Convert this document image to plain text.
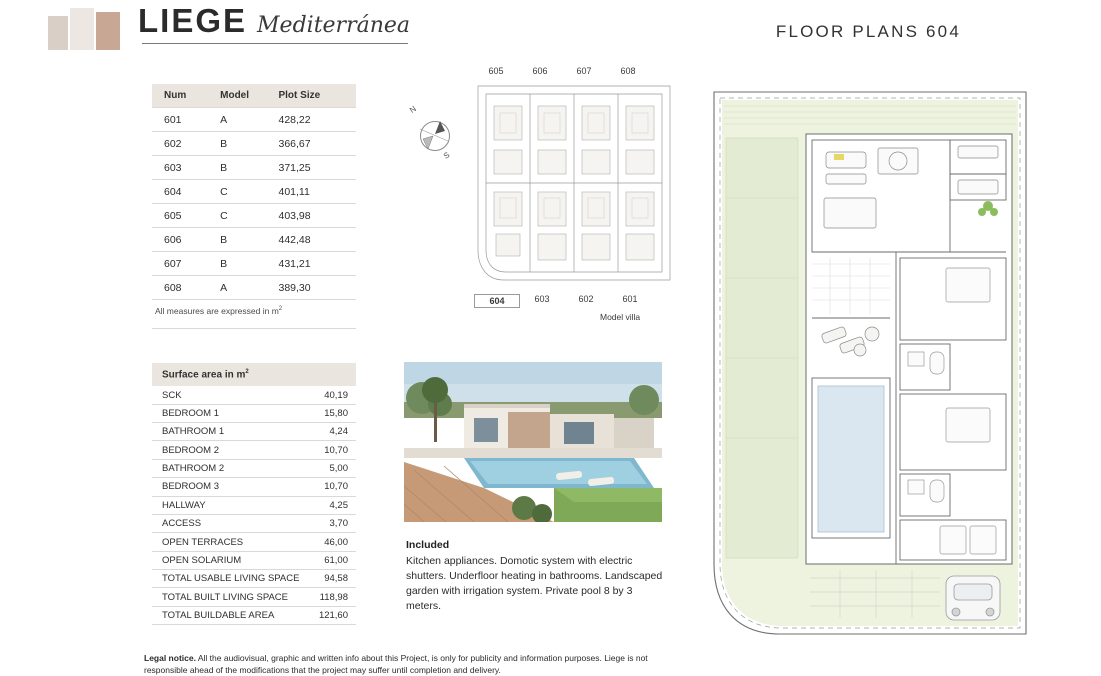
LIEGE Mediterránea	FLOOR PLANS 604
Num	Model	Plot Size
601	A	428,22
602	B	366,67
603	B	371,25
604	C	401,11
605	C	403,98
606	B	442,48
607	B	431,21
608	A	389,30
All measures are expressed in $m^2$
Surface area in $m^2$
SCK	40,19
BEDROOM 1	15,80
BATHROOM 1	4,24
BEDROOM 2	10,70
BATHROOM 2	5,00
BEDROOM 3	10,70
HALLWAY	4,25
ACCESS	3,70
OPEN TERRACES	46,00
OPEN SOLARIUM	61,00
TOTAL USABLE LIVING SPACE	94,58
TOTAL BUILT LIVING SPACE	118,98
TOTAL BUILDABLE AREA	121,60
N
S
605	606	607	608
604	603	602	601
Model villa
Included
Kitchen appliances. Domotic system with electric shutters. Underfloor heating in bathrooms. Landscaped garden with irrigation system. Private pool 8 by 3 meters.
Legal notice. All the audiovisual, graphic and written info about this Project, is only for publicity and information purposes. Liege is not responsible ahead of the modifications that the project may suffer until completion and delivery.
